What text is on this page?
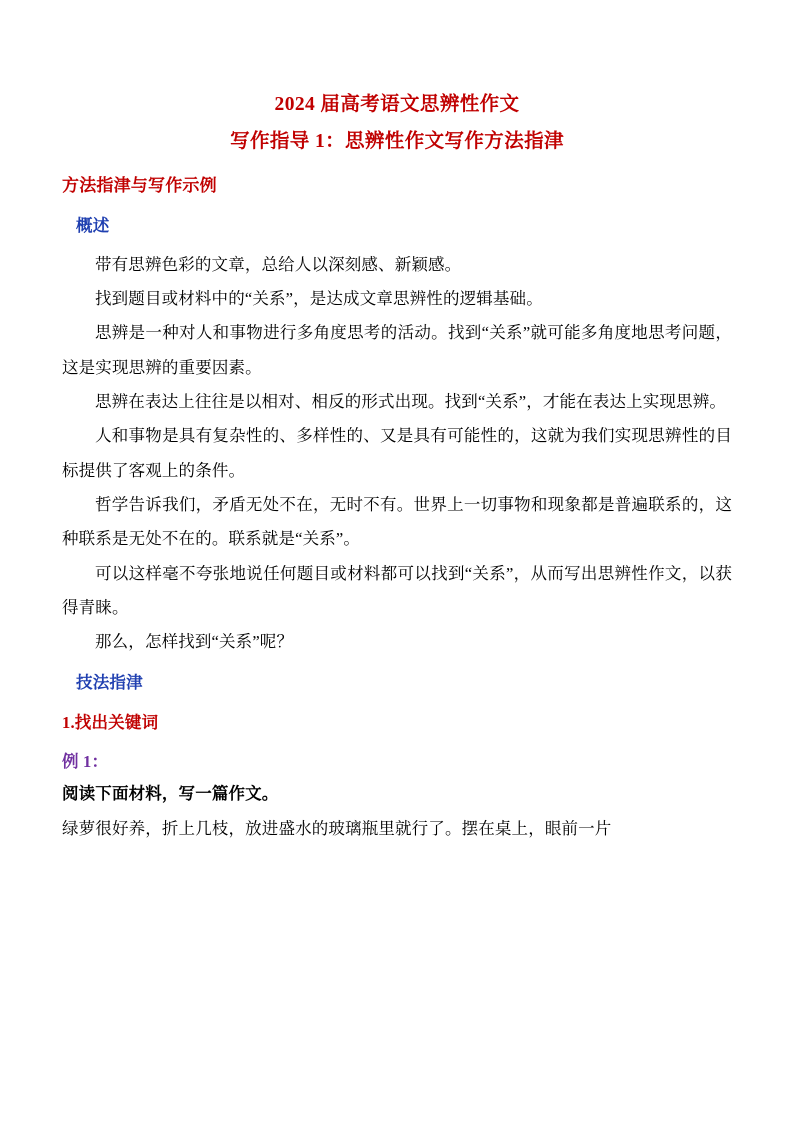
2024 届高考语文思辨性作文
写作指导 1：思辨性作文写作方法指津
方法指津与写作示例
概述

带有思辨色彩的文章，总给人以深刻感、新颖感。

找到题目或材料中的“关系”，是达成文章思辨性的逻辑基础。

思辨是一种对人和事物进行多角度思考的活动。找到“关系”就可能多角度地思考问题，这是实现思辨的重要因素。

思辨在表达上往往是以相对、相反的形式出现。找到“关系”，才能在表达上实现思辨。

人和事物是具有复杂性的、多样性的、又是具有可能性的，这就为我们实现思辨性的目标提供了客观上的条件。

哲学告诉我们，矛盾无处不在，无时不有。世界上一切事物和现象都是普遍联系的，这种联系是无处不在的。联系就是“关系”。

可以这样毫不夸张地说任何题目或材料都可以找到“关系”，从而写出思辨性作文，以获得青睐。

那么，怎样找到“关系”呢？

技法指津
1.找出关键词
例 1：

阅读下面材料，写一篇作文。

绿萝很好养，折上几枝，放进盛水的玻璃瓶里就行了。摆在桌上，眼前一片
